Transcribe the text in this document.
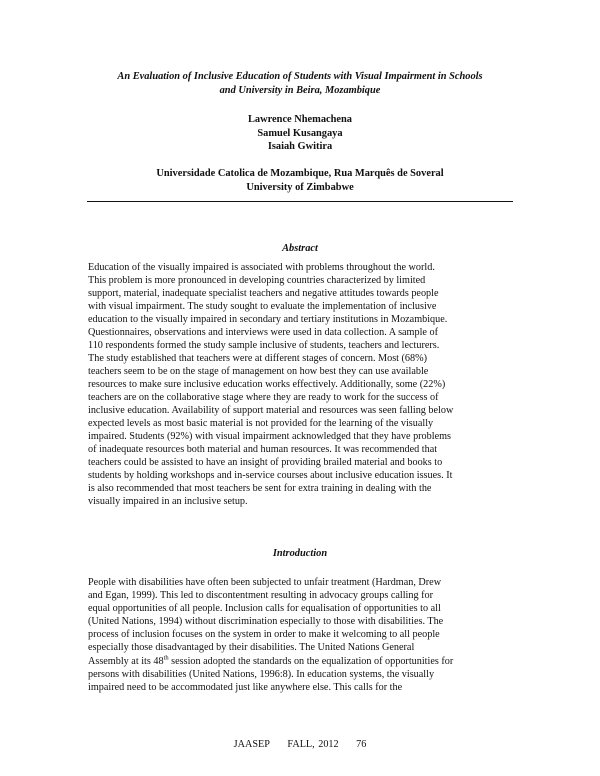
An Evaluation of Inclusive Education of Students with Visual Impairment in Schools
and University in Beira, Mozambique
Lawrence Nhemachena
Samuel Kusangaya
Isaiah Gwitira
Universidade Catolica de Mozambique, Rua Marquês de Soveral
University of Zimbabwe
Abstract
Education of the visually impaired is associated with problems throughout the world.
This problem is more pronounced in developing countries characterized by limited
support, material, inadequate specialist teachers and negative attitudes towards people
with visual impairment. The study sought to evaluate the implementation of inclusive
education to the visually impaired in secondary and tertiary institutions in Mozambique.
Questionnaires, observations and interviews were used in data collection. A sample of
110 respondents formed the study sample inclusive of students, teachers and lecturers.
The study established that teachers were at different stages of concern. Most (68%)
teachers seem to be on the stage of management on how best they can use available
resources to make sure inclusive education works effectively. Additionally, some (22%)
teachers are on the collaborative stage where they are ready to work for the success of
inclusive education. Availability of support material and resources was seen falling below
expected levels as most basic material is not provided for the learning of the visually
impaired. Students (92%) with visual impairment acknowledged that they have problems
of inadequate resources both material and human resources. It was recommended that
teachers could be assisted to have an insight of providing brailed material and books to
students by holding workshops and in-service courses about inclusive education issues. It
is also recommended that most teachers be sent for extra training in dealing with the
visually impaired in an inclusive setup.
Introduction
People with disabilities have often been subjected to unfair treatment (Hardman, Drew
and Egan, 1999). This led to discontentment resulting in advocacy groups calling for
equal opportunities of all people. Inclusion calls for equalisation of opportunities to all
(United Nations, 1994) without discrimination especially to those with disabilities. The
process of inclusion focuses on the system in order to make it welcoming to all people
especially those disadvantaged by their disabilities. The United Nations General
Assembly at its 48th session adopted the standards on the equalization of opportunities for
persons with disabilities (United Nations, 1996:8). In education systems, the visually
impaired need to be accommodated just like anywhere else. This calls for the
JAASEP FALL, 2012 76
